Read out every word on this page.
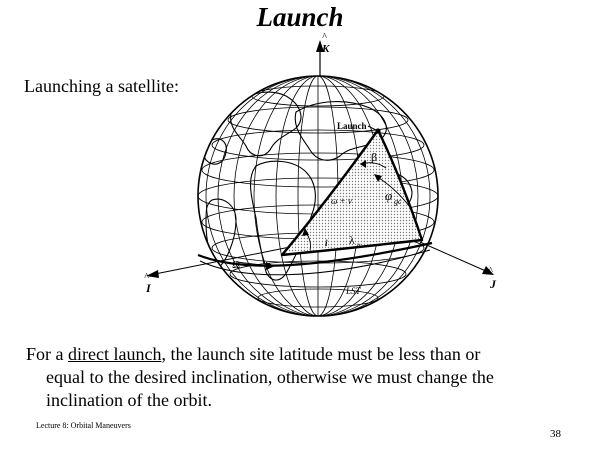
Launch
Launching a satellite:
^
K
^
I
^
J
Ω
LST
Launch
β
φ gc
ω + ν
i λ u
For a direct launch, the launch site latitude must be less than or
equal to the desired inclination, otherwise we must change the
inclination of the orbit.
Lecture 8: Orbital Maneuvers
38
